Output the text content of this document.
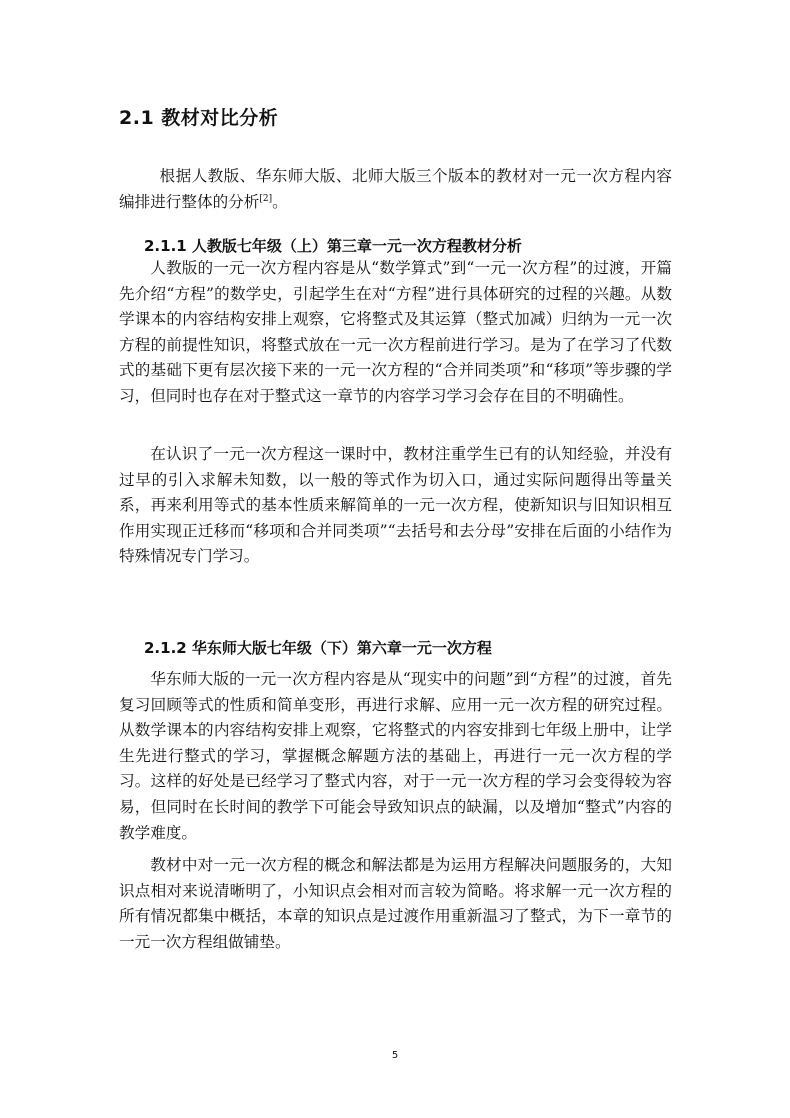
2.1 教材对比分析
根据人教版、华东师大版、北师大版三个版本的教材对一元一次方程内容编排进行整体的分析[2]。
2.1.1 人教版七年级（上）第三章一元一次方程教材分析
人教版的一元一次方程内容是从“数学算式”到“一元一次方程”的过渡，开篇先介绍“方程”的数学史，引起学生在对“方程”进行具体研究的过程的兴趣。从数学课本的内容结构安排上观察，它将整式及其运算（整式加减）归纳为一元一次方程的前提性知识，将整式放在一元一次方程前进行学习。是为了在学习了代数式的基础下更有层次接下来的一元一次方程的“合并同类项”和“移项”等步骤的学习，但同时也存在对于整式这一章节的内容学习学习会存在目的不明确性。
在认识了一元一次方程这一课时中，教材注重学生已有的认知经验，并没有过早的引入求解未知数，以一般的等式作为切入口，通过实际问题得出等量关系，再来利用等式的基本性质来解简单的一元一次方程，使新知识与旧知识相互作用实现正迁移而“移项和合并同类项”“去括号和去分母”安排在后面的小结作为特殊情况专门学习。
2.1.2 华东师大版七年级（下）第六章一元一次方程
华东师大版的一元一次方程内容是从“现实中的问题”到“方程”的过渡，首先复习回顾等式的性质和简单变形，再进行求解、应用一元一次方程的研究过程。从数学课本的内容结构安排上观察，它将整式的内容安排到七年级上册中，让学生先进行整式的学习，掌握概念解题方法的基础上，再进行一元一次方程的学习。这样的好处是已经学习了整式内容，对于一元一次方程的学习会变得较为容易，但同时在长时间的教学下可能会导致知识点的缺漏，以及增加“整式”内容的教学难度。
教材中对一元一次方程的概念和解法都是为运用方程解决问题服务的，大知识点相对来说清晰明了，小知识点会相对而言较为简略。将求解一元一次方程的所有情况都集中概括，本章的知识点是过渡作用重新温习了整式，为下一章节的一元一次方程组做铺垫。
5
